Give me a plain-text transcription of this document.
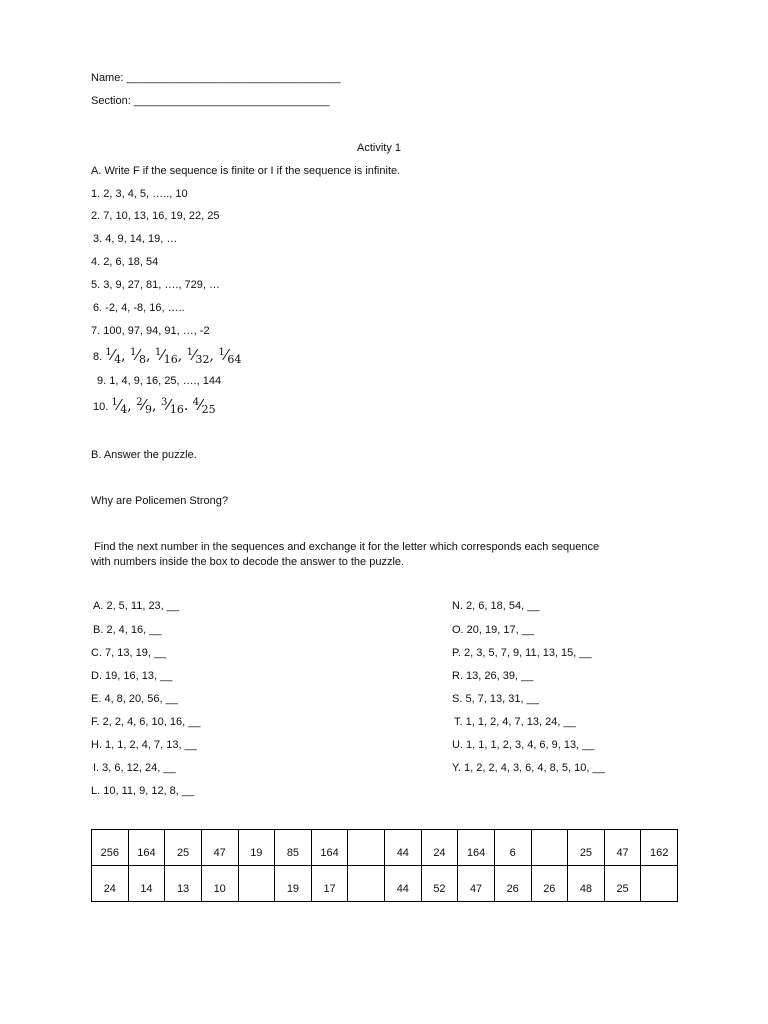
Name: ___________________________________
Section: ________________________________
Activity 1
A. Write F if the sequence is finite or I if the sequence is infinite.
1. 2, 3, 4, 5, ….., 10
2. 7, 10, 13, 16, 19, 22, 25
3. 4, 9, 14, 19, …
4. 2, 6, 18, 54
5. 3, 9, 27, 81, …., 729, …
6. -2, 4, -8, 16, …..
7. 100, 97, 94, 91, …, -2
8. $^1⁄_4$, $^1⁄_8$, $^1⁄_{16}$, $^1⁄_{32}$, $^1⁄_{64}$
9. 1, 4, 9, 16, 25, …., 144
10. $^1⁄_4$, $^2⁄_9$, $^3⁄_{16}$. $^4⁄_{25}$
B. Answer the puzzle.
Why are Policemen Strong?
Find the next number in the sequences and exchange it for the letter which corresponds each sequence
with numbers inside the box to decode the answer to the puzzle.
A. 2, 5, 11, 23, __
B. 2, 4, 16, __
C. 7, 13, 19, __
D. 19, 16, 13, __
E. 4, 8, 20, 56, __
F. 2, 2, 4, 6, 10, 16, __
H. 1, 1, 2, 4, 7, 13, __
I. 3, 6, 12, 24, __
L. 10, 11, 9, 12, 8, __
N. 2, 6, 18, 54, __
O. 20, 19, 17, __
P. 2, 3, 5, 7, 9, 11, 13, 15, __
R. 13, 26, 39, __
S. 5, 7, 13, 31, __
T. 1, 1, 2, 4, 7, 13, 24, __
U. 1, 1, 1, 2, 3, 4, 6, 9, 13, __
Y. 1, 2, 2, 4, 3, 6, 4, 8, 5, 10, __
256	164	25	47	19	85	164		44	24	164	6		25	47	162
24	14	13	10		19	17		44	52	47	26	26	48	25	
